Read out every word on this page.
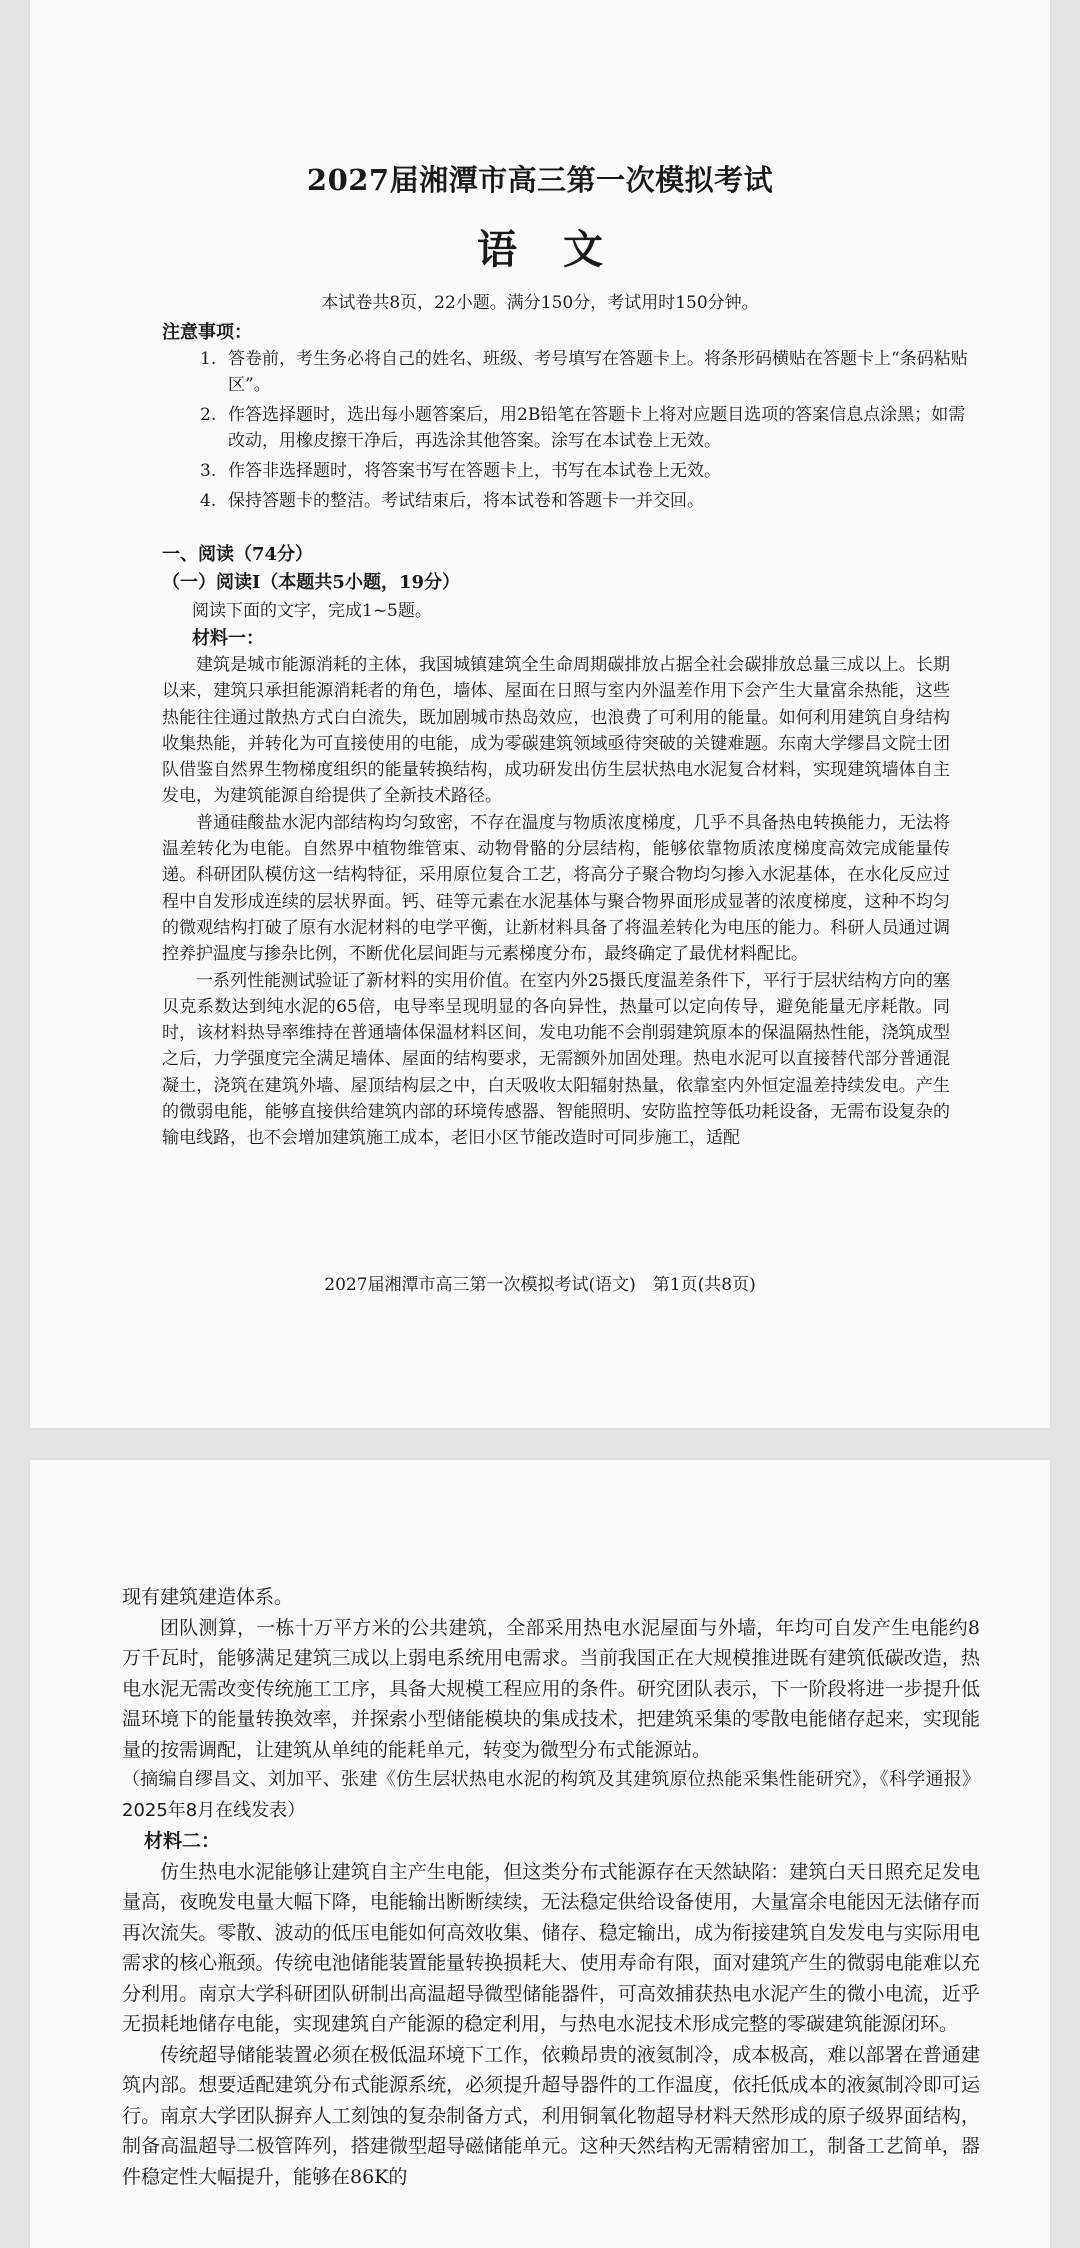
2027届湘潭市高三第一次模拟考试
语文
本试卷共8页，22小题。满分150分，考试用时150分钟。
注意事项：
1. 答卷前，考生务必将自己的姓名、班级、考号填写在答题卡上。将条形码横贴在答题卡上“条码粘贴区”。
2. 作答选择题时，选出每小题答案后，用2B铅笔在答题卡上将对应题目选项的答案信息点涂黑；如需改动，用橡皮擦干净后，再选涂其他答案。涂写在本试卷上无效。
3. 作答非选择题时，将答案书写在答题卡上，书写在本试卷上无效。
4. 保持答题卡的整洁。考试结束后，将本试卷和答题卡一并交回。
一、阅读（74分）
（一）阅读Ⅰ（本题共5小题，19分）
阅读下面的文字，完成1~5题。
材料一：

建筑是城市能源消耗的主体，我国城镇建筑全生命周期碳排放占据全社会碳排放总量三成以上。长期以来，建筑只承担能源消耗者的角色，墙体、屋面在日照与室内外温差作用下会产生大量富余热能，这些热能往往通过散热方式白白流失，既加剧城市热岛效应，也浪费了可利用的能量。如何利用建筑自身结构收集热能，并转化为可直接使用的电能，成为零碳建筑领域亟待突破的关键难题。东南大学缪昌文院士团队借鉴自然界生物梯度组织的能量转换结构，成功研发出仿生层状热电水泥复合材料，实现建筑墙体自主发电，为建筑能源自给提供了全新技术路径。

普通硅酸盐水泥内部结构均匀致密，不存在温度与物质浓度梯度，几乎不具备热电转换能力，无法将温差转化为电能。自然界中植物维管束、动物骨骼的分层结构，能够依靠物质浓度梯度高效完成能量传递。科研团队模仿这一结构特征，采用原位复合工艺，将高分子聚合物均匀掺入水泥基体，在水化反应过程中自发形成连续的层状界面。钙、硅等元素在水泥基体与聚合物界面形成显著的浓度梯度，这种不均匀的微观结构打破了原有水泥材料的电学平衡，让新材料具备了将温差转化为电压的能力。科研人员通过调控养护温度与掺杂比例，不断优化层间距与元素梯度分布，最终确定了最优材料配比。

一系列性能测试验证了新材料的实用价值。在室内外25摄氏度温差条件下，平行于层状结构方向的塞贝克系数达到纯水泥的65倍，电导率呈现明显的各向异性，热量可以定向传导，避免能量无序耗散。同时，该材料热导率维持在普通墙体保温材料区间，发电功能不会削弱建筑原本的保温隔热性能，浇筑成型之后，力学强度完全满足墙体、屋面的结构要求，无需额外加固处理。热电水泥可以直接替代部分普通混凝土，浇筑在建筑外墙、屋顶结构层之中，白天吸收太阳辐射热量，依靠室内外恒定温差持续发电。产生的微弱电能，能够直接供给建筑内部的环境传感器、智能照明、安防监控等低功耗设备，无需布设复杂的输电线路，也不会增加建筑施工成本，老旧小区节能改造时可同步施工，适配

2027届湘潭市高三第一次模拟考试(语文)　第1页(共8页)

现有建筑建造体系。

团队测算，一栋十万平方米的公共建筑，全部采用热电水泥屋面与外墙，年均可自发产生电能约8万千瓦时，能够满足建筑三成以上弱电系统用电需求。当前我国正在大规模推进既有建筑低碳改造，热电水泥无需改变传统施工工序，具备大规模工程应用的条件。研究团队表示，下一阶段将进一步提升低温环境下的能量转换效率，并探索小型储能模块的集成技术，把建筑采集的零散电能储存起来，实现能量的按需调配，让建筑从单纯的能耗单元，转变为微型分布式能源站。

（摘编自缪昌文、刘加平、张建《仿生层状热电水泥的构筑及其建筑原位热能采集性能研究》，《科学通报》2025年8月在线发表）

材料二：

仿生热电水泥能够让建筑自主产生电能，但这类分布式能源存在天然缺陷：建筑白天日照充足发电量高，夜晚发电量大幅下降，电能输出断断续续，无法稳定供给设备使用，大量富余电能因无法储存而再次流失。零散、波动的低压电能如何高效收集、储存、稳定输出，成为衔接建筑自发发电与实际用电需求的核心瓶颈。传统电池储能装置能量转换损耗大、使用寿命有限，面对建筑产生的微弱电能难以充分利用。南京大学科研团队研制出高温超导微型储能器件，可高效捕获热电水泥产生的微小电流，近乎无损耗地储存电能，实现建筑自产能源的稳定利用，与热电水泥技术形成完整的零碳建筑能源闭环。

传统超导储能装置必须在极低温环境下工作，依赖昂贵的液氦制冷，成本极高，难以部署在普通建筑内部。想要适配建筑分布式能源系统，必须提升超导器件的工作温度，依托低成本的液氮制冷即可运行。南京大学团队摒弃人工刻蚀的复杂制备方式，利用铜氧化物超导材料天然形成的原子级界面结构，制备高温超导二极管阵列，搭建微型超导磁储能单元。这种天然结构无需精密加工，制备工艺简单，器件稳定性大幅提升，能够在86K的
